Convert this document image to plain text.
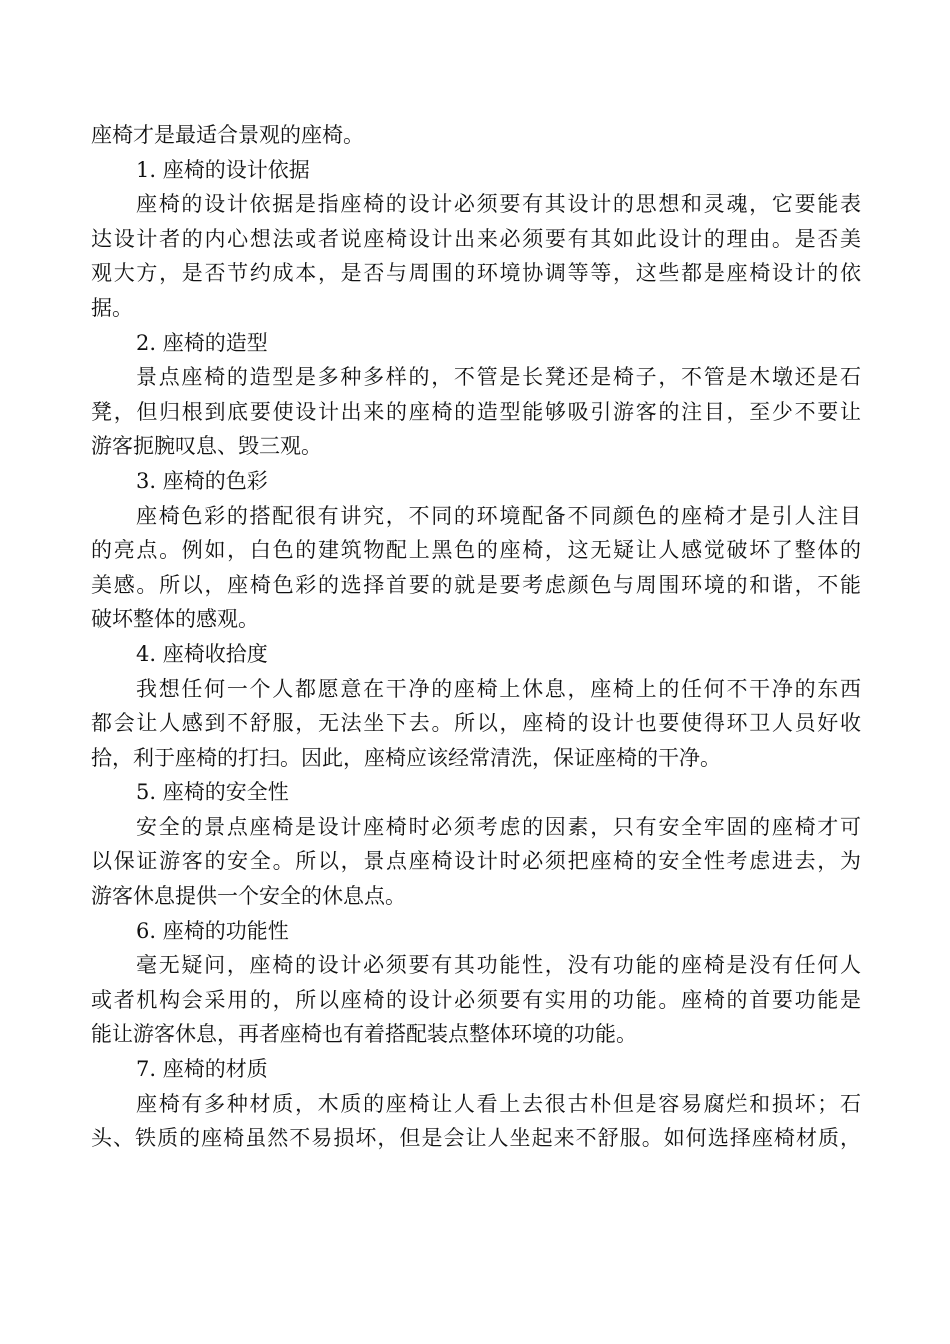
座椅才是最适合景观的座椅。
1. 座椅的设计依据
座椅的设计依据是指座椅的设计必须要有其设计的思想和灵魂，它要能表
达设计者的内心想法或者说座椅设计出来必须要有其如此设计的理由。是否美
观大方，是否节约成本，是否与周围的环境协调等等，这些都是座椅设计的依
据。
2. 座椅的造型
景点座椅的造型是多种多样的，不管是长凳还是椅子，不管是木墩还是石
凳，但归根到底要使设计出来的座椅的造型能够吸引游客的注目，至少不要让
游客扼腕叹息、毁三观。
3. 座椅的色彩
座椅色彩的搭配很有讲究，不同的环境配备不同颜色的座椅才是引人注目
的亮点。例如，白色的建筑物配上黑色的座椅，这无疑让人感觉破坏了整体的
美感。所以，座椅色彩的选择首要的就是要考虑颜色与周围环境的和谐，不能
破坏整体的感观。
4. 座椅收拾度
我想任何一个人都愿意在干净的座椅上休息，座椅上的任何不干净的东西
都会让人感到不舒服，无法坐下去。所以，座椅的设计也要使得环卫人员好收
拾，利于座椅的打扫。因此，座椅应该经常清洗，保证座椅的干净。
5. 座椅的安全性
安全的景点座椅是设计座椅时必须考虑的因素，只有安全牢固的座椅才可
以保证游客的安全。所以，景点座椅设计时必须把座椅的安全性考虑进去，为
游客休息提供一个安全的休息点。
6. 座椅的功能性
毫无疑问，座椅的设计必须要有其功能性，没有功能的座椅是没有任何人
或者机构会采用的，所以座椅的设计必须要有实用的功能。座椅的首要功能是
能让游客休息，再者座椅也有着搭配装点整体环境的功能。
7. 座椅的材质
座椅有多种材质，木质的座椅让人看上去很古朴但是容易腐烂和损坏；石
头、铁质的座椅虽然不易损坏，但是会让人坐起来不舒服。如何选择座椅材质，
